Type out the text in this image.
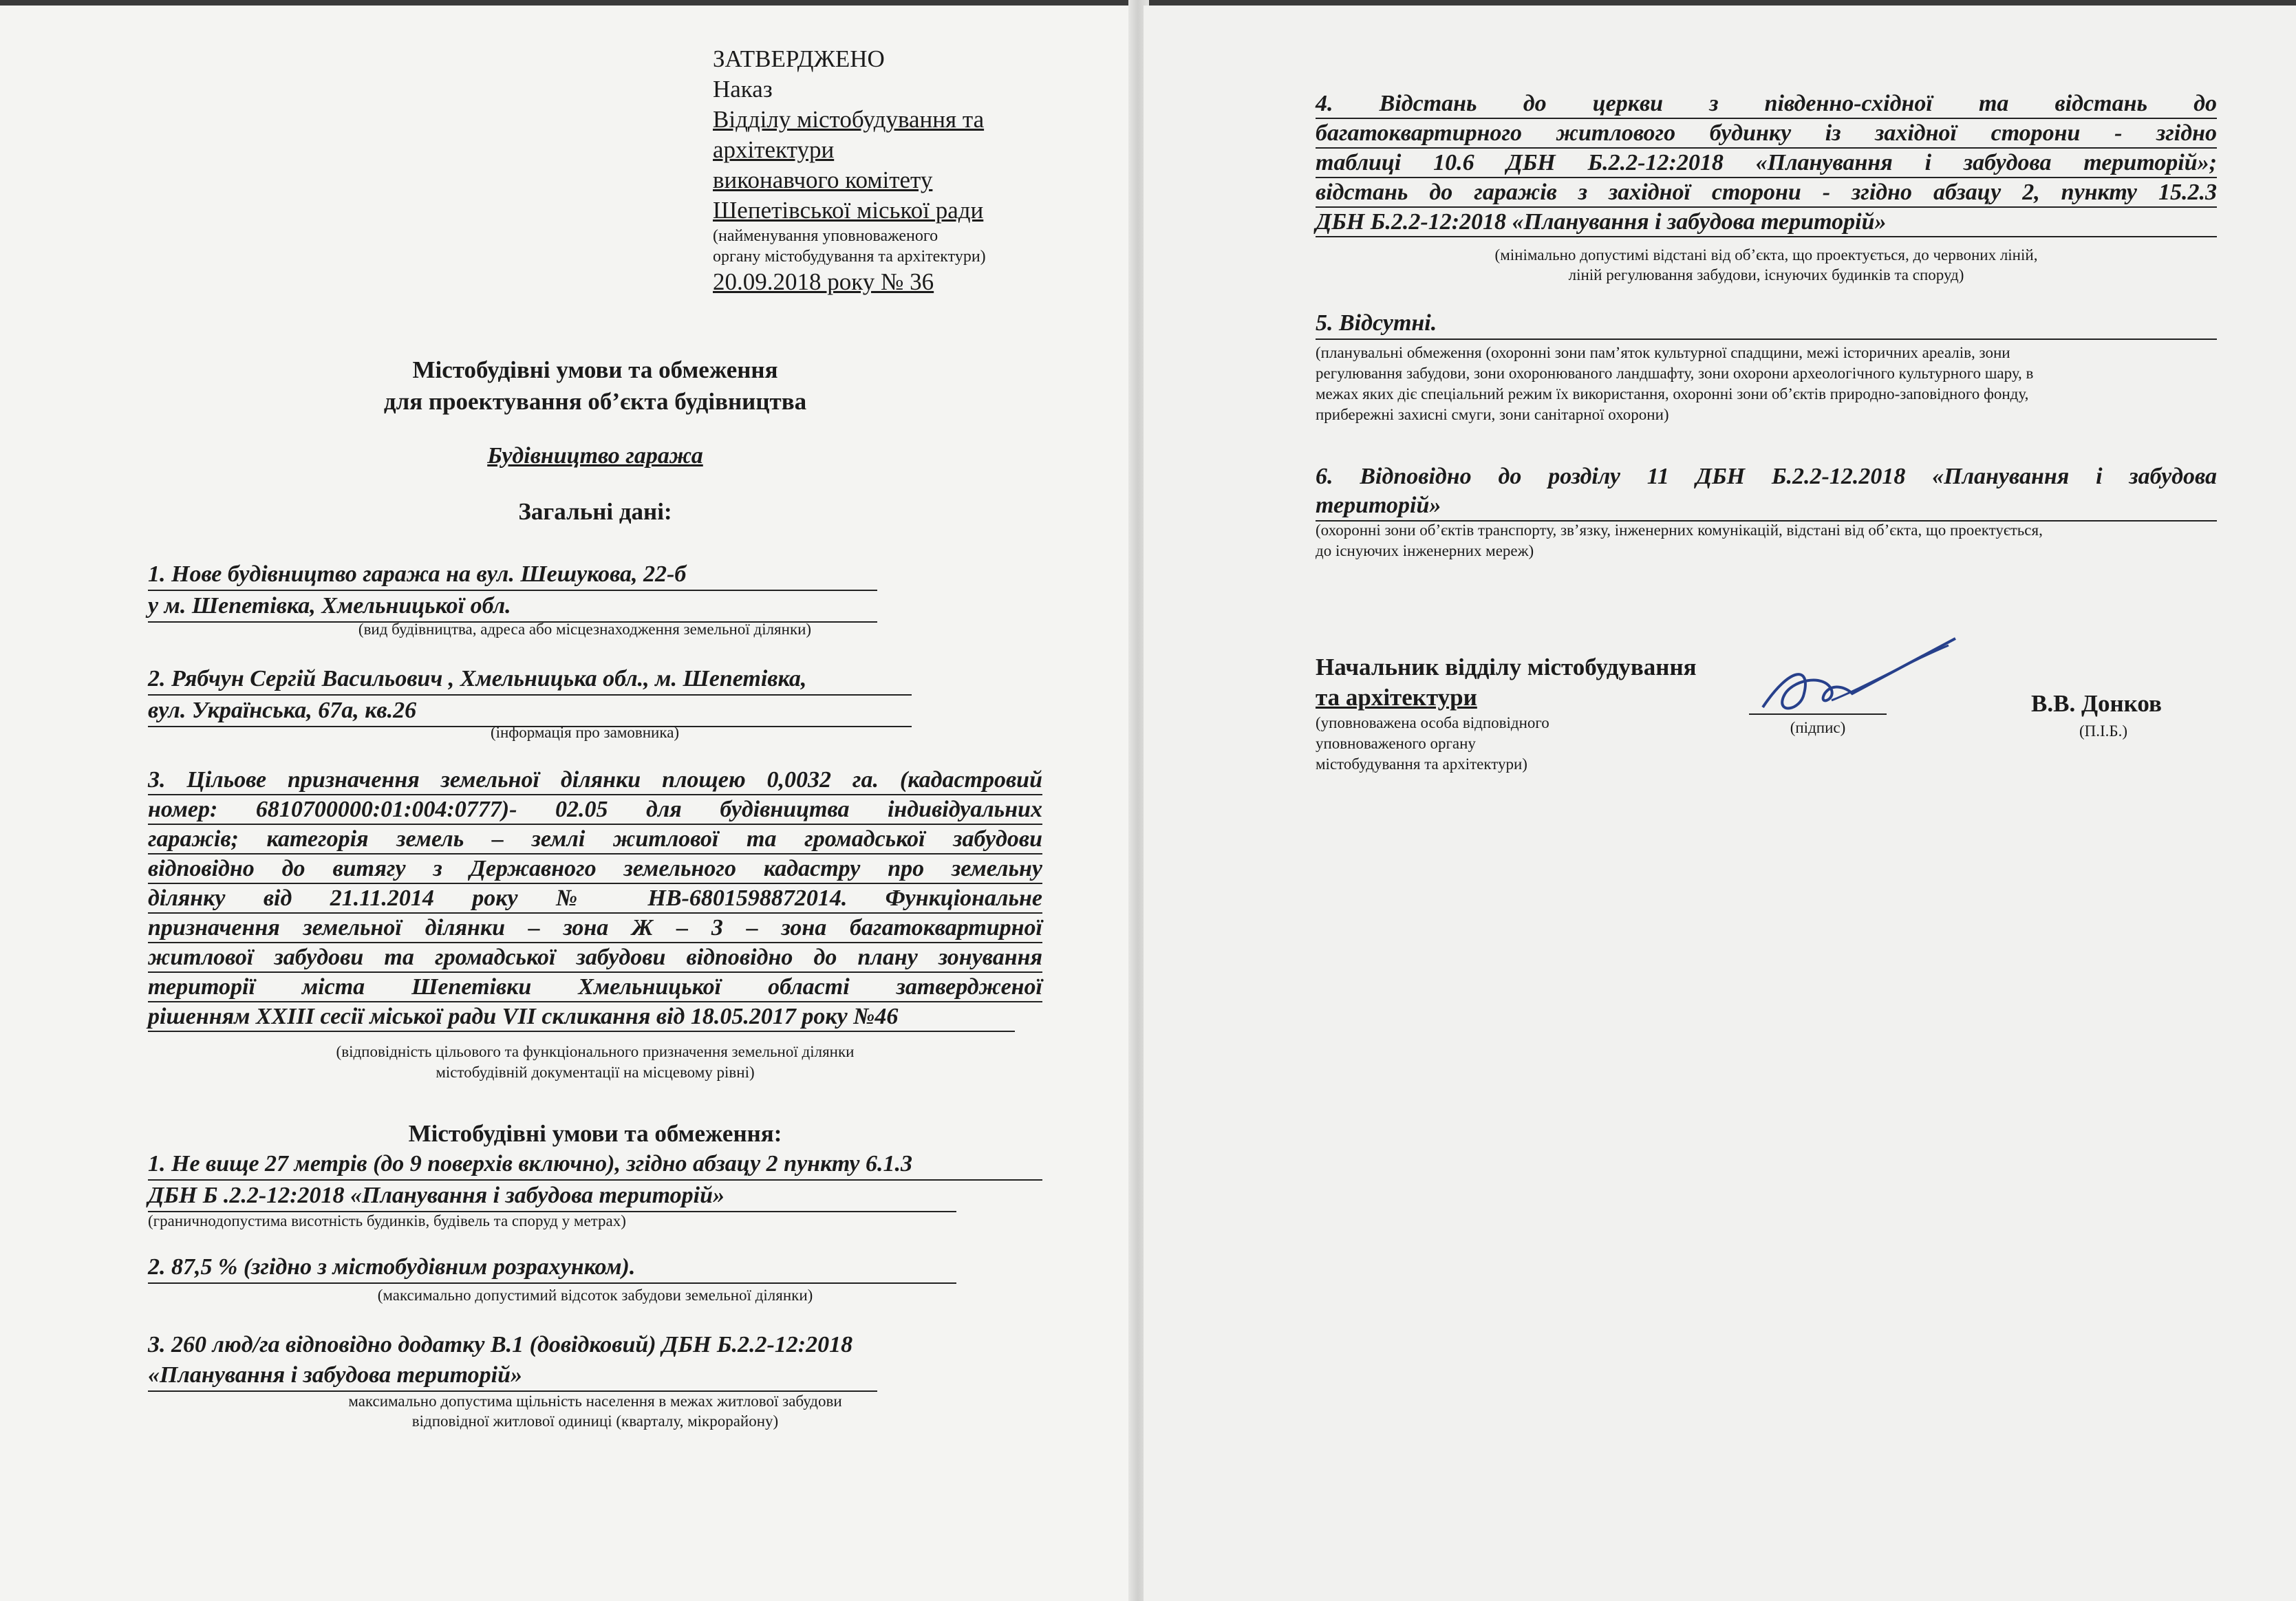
ЗАТВЕРДЖЕНО
Наказ
Відділу містобудування та
архітектури
виконавчого комітету
Шепетівської міської ради
(найменування уповноваженого
органу містобудування та архітектури)
20.09.2018 року № 36
Містобудівні умови та обмеження
для проектування об’єкта будівництва
Будівництво гаража
Загальні дані:
1. Нове будівництво гаража на вул. Шешукова, 22-б
у м. Шепетівка, Хмельницької обл.
(вид будівництва, адреса або місцезнаходження земельної ділянки)
2. Рябчун Сергій Васильович , Хмельницька обл., м. Шепетівка,
вул. Українська, 67а, кв.26
(інформація про замовника)
3. Цільове призначення земельної ділянки площею 0,0032 га. (кадастровий
номер: 6810700000:01:004:0777)- 02.05 для будівництва індивідуальних
гаражів; категорія земель – землі житлової та громадської забудови
відповідно до витягу з Державного земельного кадастру про земельну
ділянку від 21.11.2014 року № НВ-6801598872014. Функціональне
призначення земельної ділянки – зона Ж – 3 – зона багатоквартирної
житлової забудови та громадської забудови відповідно до плану зонування
території міста Шепетівки Хмельницької області затвердженої
рішенням XXIII сесії міської ради VII скликання від 18.05.2017 року №46
(відповідність цільового та функціонального призначення земельної ділянки
містобудівній документації на місцевому рівні)
Містобудівні умови та обмеження:
1. Не вище 27 метрів (до 9 поверхів включно), згідно абзацу 2 пункту 6.1.3
ДБН Б .2.2-12:2018 «Планування і забудова територій»
(граничнодопустима висотність будинків, будівель та споруд у метрах)
2. 87,5 % (згідно з містобудівним розрахунком).
(максимально допустимий відсоток забудови земельної ділянки)
3. 260 люд/га відповідно додатку В.1 (довідковий) ДБН Б.2.2-12:2018
«Планування і забудова територій»
максимально допустима щільність населення в межах житлової забудови
відповідної житлової одиниці (кварталу, мікрорайону)
4. Відстань до церкви з південно-східної та відстань до
багатоквартирного житлового будинку із західної сторони - згідно
таблиці 10.6 ДБН Б.2.2-12:2018 «Планування і забудова територій»;
відстань до гаражів з західної сторони - згідно абзацу 2, пункту 15.2.3
ДБН Б.2.2-12:2018 «Планування і забудова територій»
(мінімально допустимі відстані від об’єкта, що проектується, до червоних ліній,
ліній регулювання забудови, існуючих будинків та споруд)
5. Відсутні.
(планувальні обмеження (охоронні зони пам’яток культурної спадщини, межі історичних ареалів, зони
регулювання забудови, зони охоронюваного ландшафту, зони охорони археологічного культурного шару, в
межах яких діє спеціальний режим їх використання, охоронні зони об’єктів природно-заповідного фонду,
прибережні захисні смуги, зони санітарної охорони)
6. Відповідно до розділу 11 ДБН Б.2.2-12.2018 «Планування і забудова
територій»
(охоронні зони об’єктів транспорту, зв’язку, інженерних комунікацій, відстані від об’єкта, що проектується,
до існуючих інженерних мереж)
Начальник відділу містобудування
та архітектури
(уповноважена особа відповідного
уповноваженого органу
містобудування та архітектури)
(підпис)
В.В. Донков
(П.І.Б.)
